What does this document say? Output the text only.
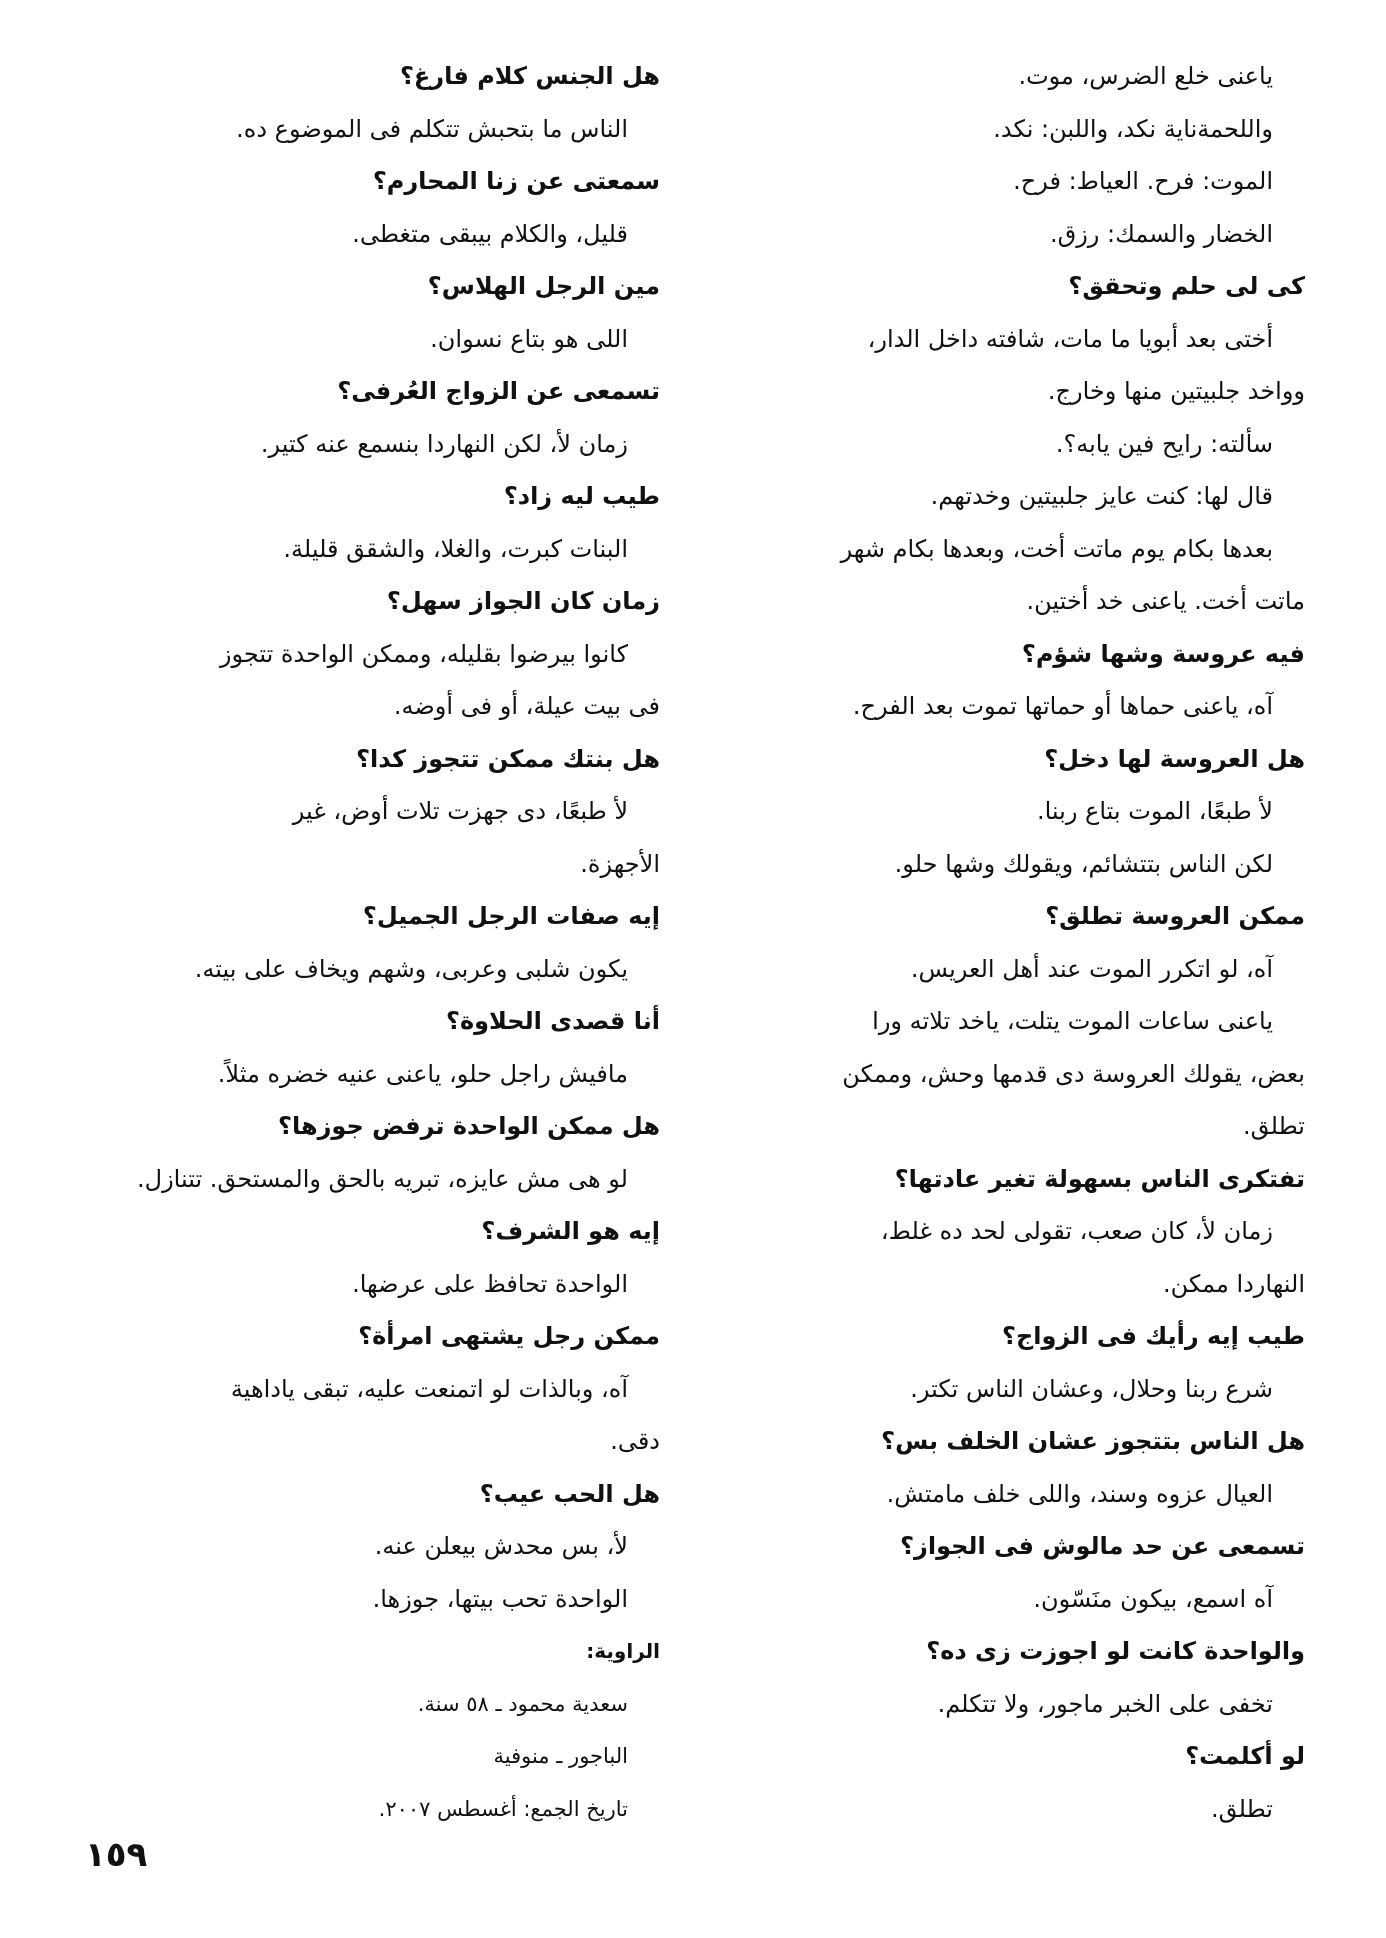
ياعنى خلع الضرس، موت.
واللحمةناية نكد، واللبن: نكد.
الموت: فرح. العياط: فرح.
الخضار والسمك: رزق.
كى لى حلم وتحقق؟
أختى بعد أبويا ما مات، شافته داخل الدار،
وواخد جلبيتين منها وخارج.
سألته: رايح فين يابه؟.
قال لها: كنت عايز جلبيتين وخدتهم.
بعدها بكام يوم ماتت أخت، وبعدها بكام شهر
ماتت أخت. ياعنى خد أختين.
فيه عروسة وشها شؤم؟
آه، ياعنى حماها أو حماتها تموت بعد الفرح.
هل العروسة لها دخل؟
لأ طبعًا، الموت بتاع ربنا.
لكن الناس بتتشائم، ويقولك وشها حلو.
ممكن العروسة تطلق؟
آه، لو اتكرر الموت عند أهل العريس.
ياعنى ساعات الموت يتلت، ياخد تلاته ورا
بعض، يقولك العروسة دى قدمها وحش، وممكن
تطلق.
تفتكرى الناس بسهولة تغير عادتها؟
زمان لأ، كان صعب، تقولى لحد ده غلط،
النهاردا ممكن.
طيب إيه رأيك فى الزواج؟
شرع ربنا وحلال، وعشان الناس تكتر.
هل الناس بتتجوز عشان الخلف بس؟
العيال عزوه وسند، واللى خلف مامتش.
تسمعى عن حد مالوش فى الجواز؟
آه اسمع، بيكون منَسّون.
والواحدة كانت لو اجوزت زى ده؟
تخفى على الخبر ماجور، ولا تتكلم.
لو أكلمت؟
تطلق.
هل الجنس كلام فارغ؟
الناس ما بتحبش تتكلم فى الموضوع ده.
سمعتى عن زنا المحارم؟
قليل، والكلام بيبقى متغطى.
مين الرجل الهلاس؟
اللى هو بتاع نسوان.
تسمعى عن الزواج العُرفى؟
زمان لأ، لكن النهاردا بنسمع عنه كتير.
طيب ليه زاد؟
البنات كبرت، والغلا، والشقق قليلة.
زمان كان الجواز سهل؟
كانوا بيرضوا بقليله، وممكن الواحدة تتجوز
فى بيت عيلة، أو فى أوضه.
هل بنتك ممكن تتجوز كدا؟
لأ طبعًا، دى جهزت تلات أوض، غير
الأجهزة.
إيه صفات الرجل الجميل؟
يكون شلبى وعربى، وشهم ويخاف على بيته.
أنا قصدى الحلاوة؟
مافيش راجل حلو، ياعنى عنيه خضره مثلاً.
هل ممكن الواحدة ترفض جوزها؟
لو هى مش عايزه، تبريه بالحق والمستحق. تتنازل.
إيه هو الشرف؟
الواحدة تحافظ على عرضها.
ممكن رجل يشتهى امرأة؟
آه، وبالذات لو اتمنعت عليه، تبقى ياداهية
دقى.
هل الحب عيب؟
لأ، بس محدش بيعلن عنه.
الواحدة تحب بيتها، جوزها.
الراوية:
سعدية محمود ـ ٥٨ سنة.
الباجور ـ منوفية
تاريخ الجمع: أغسطس ٢٠٠٧.
١٥٩
